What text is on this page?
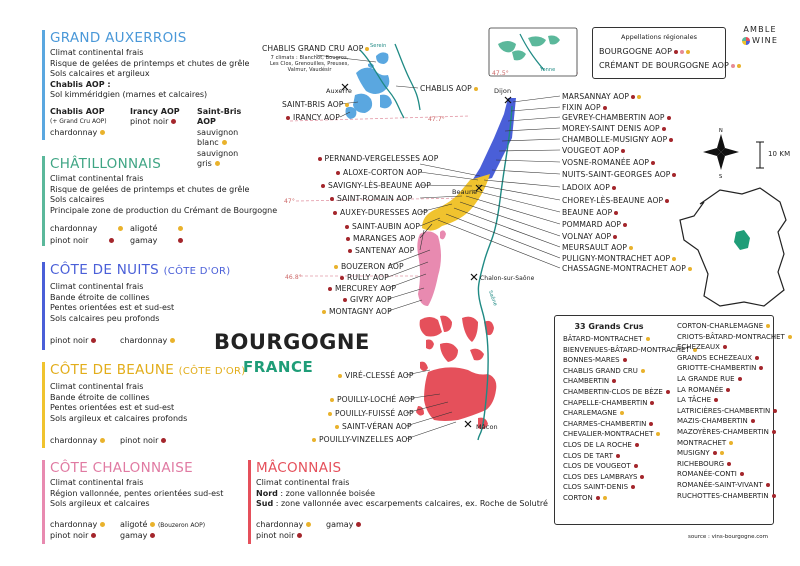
GRAND AUXERROIS
Climat continental frais
Risque de gelées de printemps et chutes de grêle
Sols calcaires et argileux
Chablis AOP :
Sol kimméridgien (marnes et calcaires)
Chablis AOP
(+ Grand Cru AOP)
chardonnay
Irancy AOP
pinot noir
Saint-Bris AOP
sauvignon blanc
sauvignon gris
CHÂTILLONNAIS
Climat continental frais
Risque de gelées de printemps et chutes de grêle
Sols calcaires
Principale zone de production du Crémant de Bourgogne
chardonnay	aligoté
pinot noir	gamay
CÔTE DE NUITS (CÔTE D'OR)
Climat continental frais
Bande étroite de collines
Pentes orientées est et sud-est
Sols calcaires peu profonds
pinot noir	chardonnay
CÔTE DE BEAUNE (CÔTE D'OR)
Climat continental frais
Bande étroite de collines
Pentes orientées est et sud-est
Sols argileux et calcaires profonds
chardonnay	pinot noir
CÔTE CHALONNAISE
Climat continental frais
Région vallonnée, pentes orientées sud-est
Sols argileux et calcaires
chardonnay	aligoté (Bouzeron AOP)
pinot noir	gamay
MÂCONNAIS
Climat continental frais
Nord : zone vallonnée boisée
Sud : zone vallonnée avec escarpements calcaires, ex. Roche de Solutré
chardonnay	gamay
pinot noir
BOURGOGNE
FRANCE
N
S
47.7°
47.5°
47°
46.8°
Serein
Yonne
Saône
Auxerre	Dijon
Beaune
Chalon-sur-Saône
Mâcon
CHABLIS GRAND CRU AOP
7 climats : Blanchot, Bougros,
Les Clos, Grenouilles, Preuses,
Valmur, Vaudésir
SAINT-BRIS AOP
IRANCY AOP
CHABLIS AOP
PERNAND-VERGELESSES AOP
ALOXE-CORTON AOP
SAVIGNY-LÈS-BEAUNE AOP
SAINT-ROMAIN AOP
AUXEY-DURESSES AOP
SAINT-AUBIN AOP
MARANGES AOP
SANTENAY AOP
BOUZERON AOP
RULLY AOP
MERCUREY AOP
GIVRY AOP
MONTAGNY AOP
MARSANNAY AOP
FIXIN AOP
GEVREY-CHAMBERTIN AOP
MOREY-SAINT DENIS AOP
CHAMBOLLE-MUSIGNY AOP
VOUGEOT AOP
VOSNE-ROMANÉE AOP
NUITS-SAINT-GEORGES AOP
LADOIX AOP
CHOREY-LÈS-BEAUNE AOP
BEAUNE AOP
POMMARD AOP
VOLNAY AOP
MEURSAULT AOP
PULIGNY-MONTRACHET AOP
CHASSAGNE-MONTRACHET AOP
VIRÉ-CLESSÉ AOP
POUILLY-LOCHÉ AOP
POUILLY-FUISSÉ AOP
SAINT-VÉRAN AOP
POUILLY-VINZELLES AOP
Appellations régionales
BOURGOGNE AOP
CRÉMANT DE BOURGOGNE AOP
AMBLE
WINE
10 KM
33 Grands Crus
BÂTARD-MONTRACHET
BIENVENUES-BÂTARD-MONTRACHET
BONNES-MARES
CHABLIS GRAND CRU
CHAMBERTIN
CHAMBERTIN-CLOS DE BÈZE
CHAPELLE-CHAMBERTIN
CHARLEMAGNE
CHARMES-CHAMBERTIN
CHEVALIER-MONTRACHET
CLOS DE LA ROCHE
CLOS DE TART
CLOS DE VOUGEOT
CLOS DES LAMBRAYS
CLOS SAINT-DENIS
CORTON
CORTON-CHARLEMAGNE
CRIOTS-BÂTARD-MONTRACHET
ECHEZEAUX
GRANDS ECHEZEAUX
GRIOTTE-CHAMBERTIN
LA GRANDE RUE
LA ROMANÉE
LA TÂCHE
LATRICIÈRES-CHAMBERTIN
MAZIS-CHAMBERTIN
MAZOYÈRES-CHAMBERTIN
MONTRACHET
MUSIGNY
RICHEBOURG
ROMANÉE-CONTI
ROMANÉE-SAINT-VIVANT
RUCHOTTES-CHAMBERTIN
source : vins-bourgogne.com
